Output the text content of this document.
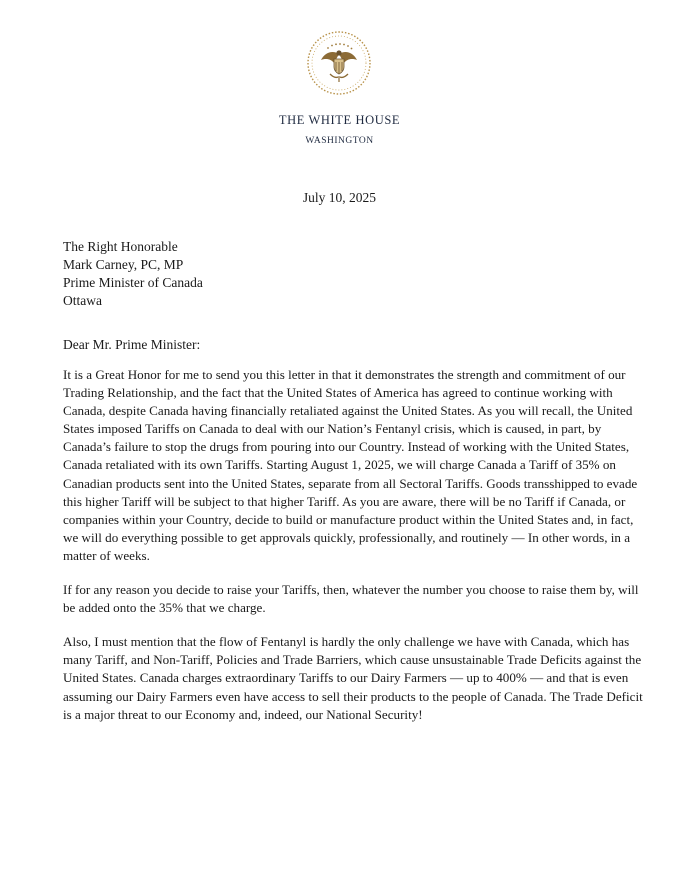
THE WHITE HOUSE
WASHINGTON
July 10, 2025
The Right Honorable
Mark Carney, PC, MP
Prime Minister of Canada
Ottawa
Dear Mr. Prime Minister:

It is a Great Honor for me to send you this letter in that it demonstrates the strength and commitment of our Trading Relationship, and the fact that the United States of America has agreed to continue working with Canada, despite Canada having financially retaliated against the United States. As you will recall, the United States imposed Tariffs on Canada to deal with our Nation’s Fentanyl crisis, which is caused, in part, by Canada’s failure to stop the drugs from pouring into our Country. Instead of working with the United States, Canada retaliated with its own Tariffs. Starting August 1, 2025, we will charge Canada a Tariff of 35% on Canadian products sent into the United States, separate from all Sectoral Tariffs. Goods transshipped to evade this higher Tariff will be subject to that higher Tariff. As you are aware, there will be no Tariff if Canada, or companies within your Country, decide to build or manufacture product within the United States and, in fact, we will do everything possible to get approvals quickly, professionally, and routinely — In other words, in a matter of weeks.

If for any reason you decide to raise your Tariffs, then, whatever the number you choose to raise them by, will be added onto the 35% that we charge.

Also, I must mention that the flow of Fentanyl is hardly the only challenge we have with Canada, which has many Tariff, and Non-Tariff, Policies and Trade Barriers, which cause unsustainable Trade Deficits against the United States. Canada charges extraordinary Tariffs to our Dairy Farmers — up to 400% — and that is even assuming our Dairy Farmers even have access to sell their products to the people of Canada. The Trade Deficit is a major threat to our Economy and, indeed, our National Security!
